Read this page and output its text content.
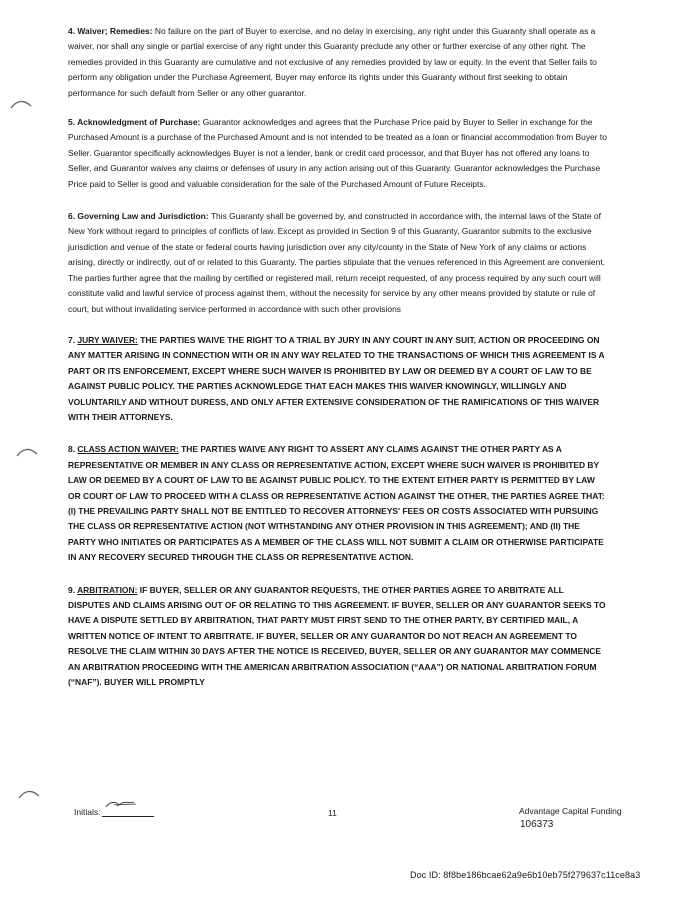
4. Waiver; Remedies: No failure on the part of Buyer to exercise, and no delay in exercising, any right under this Guaranty shall operate as a waiver, nor shall any single or partial exercise of any right under this Guaranty preclude any other or further exercise of any other right. The remedies provided in this Guaranty are cumulative and not exclusive of any remedies provided by law or equity. In the event that Seller fails to perform any obligation under the Purchase Agreement, Buyer may enforce its rights under this Guaranty without first seeking to obtain performance for such default from Seller or any other guarantor.

5. Acknowledgment of Purchase: Guarantor acknowledges and agrees that the Purchase Price paid by Buyer to Seller in exchange for the Purchased Amount is a purchase of the Purchased Amount and is not intended to be treated as a loan or financial accommodation from Buyer to Seller. Guarantor specifically acknowledges Buyer is not a lender, bank or credit card processor, and that Buyer has not offered any loans to Seller, and Guarantor waives any claims or defenses of usury in any action arising out of this Guaranty. Guarantor acknowledges the Purchase Price paid to Seller is good and valuable consideration for the sale of the Purchased Amount of Future Receipts.

6. Governing Law and Jurisdiction: This Guaranty shall be governed by, and constructed in accordance with, the internal laws of the State of New York without regard to principles of conflicts of law. Except as provided in Section 9 of this Guaranty, Guarantor submits to the exclusive jurisdiction and venue of the state or federal courts having jurisdiction over any city/county in the State of New York of any claims or actions arising, directly or indirectly, out of or related to this Guaranty. The parties stipulate that the venues referenced in this Agreement are convenient. The parties further agree that the mailing by certified or registered mail, return receipt requested, of any process required by any such court will constitute valid and lawful service of process against them, without the necessity for service by any other means provided by statute or rule of court, but without invalidating service performed in accordance with such other provisions

7. JURY WAIVER: THE PARTIES WAIVE THE RIGHT TO A TRIAL BY JURY IN ANY COURT IN ANY SUIT, ACTION OR PROCEEDING ON ANY MATTER ARISING IN CONNECTION WITH OR IN ANY WAY RELATED TO THE TRANSACTIONS OF WHICH THIS AGREEMENT IS A PART OR ITS ENFORCEMENT, EXCEPT WHERE SUCH WAIVER IS PROHIBITED BY LAW OR DEEMED BY A COURT OF LAW TO BE AGAINST PUBLIC POLICY. THE PARTIES ACKNOWLEDGE THAT EACH MAKES THIS WAIVER KNOWINGLY, WILLINGLY AND VOLUNTARILY AND WITHOUT DURESS, AND ONLY AFTER EXTENSIVE CONSIDERATION OF THE RAMIFICATIONS OF THIS WAIVER WITH THEIR ATTORNEYS.

8. CLASS ACTION WAIVER: THE PARTIES WAIVE ANY RIGHT TO ASSERT ANY CLAIMS AGAINST THE OTHER PARTY AS A REPRESENTATIVE OR MEMBER IN ANY CLASS OR REPRESENTATIVE ACTION, EXCEPT WHERE SUCH WAIVER IS PROHIBITED BY LAW OR DEEMED BY A COURT OF LAW TO BE AGAINST PUBLIC POLICY. TO THE EXTENT EITHER PARTY IS PERMITTED BY LAW OR COURT OF LAW TO PROCEED WITH A CLASS OR REPRESENTATIVE ACTION AGAINST THE OTHER, THE PARTIES AGREE THAT: (I) THE PREVAILING PARTY SHALL NOT BE ENTITLED TO RECOVER ATTORNEYS' FEES OR COSTS ASSOCIATED WITH PURSUING THE CLASS OR REPRESENTATIVE ACTION (NOT WITHSTANDING ANY OTHER PROVISION IN THIS AGREEMENT); AND (II) THE PARTY WHO INITIATES OR PARTICIPATES AS A MEMBER OF THE CLASS WILL NOT SUBMIT A CLAIM OR OTHERWISE PARTICIPATE IN ANY RECOVERY SECURED THROUGH THE CLASS OR REPRESENTATIVE ACTION.

9. ARBITRATION: IF BUYER, SELLER OR ANY GUARANTOR REQUESTS, THE OTHER PARTIES AGREE TO ARBITRATE ALL DISPUTES AND CLAIMS ARISING OUT OF OR RELATING TO THIS AGREEMENT. IF BUYER, SELLER OR ANY GUARANTOR SEEKS TO HAVE A DISPUTE SETTLED BY ARBITRATION, THAT PARTY MUST FIRST SEND TO THE OTHER PARTY, BY CERTIFIED MAIL, A WRITTEN NOTICE OF INTENT TO ARBITRATE. IF BUYER, SELLER OR ANY GUARANTOR DO NOT REACH AN AGREEMENT TO RESOLVE THE CLAIM WITHIN 30 DAYS AFTER THE NOTICE IS RECEIVED, BUYER, SELLER OR ANY GUARANTOR MAY COMMENCE AN ARBITRATION PROCEEDING WITH THE AMERICAN ARBITRATION ASSOCIATION (“AAA”) OR NATIONAL ARBITRATION FORUM (“NAF”). BUYER WILL PROMPTLY

Initials:	11	Advantage Capital Funding
106373
Doc ID: 8f8be186bcae62a9e6b10eb75f279637c11ce8a3
